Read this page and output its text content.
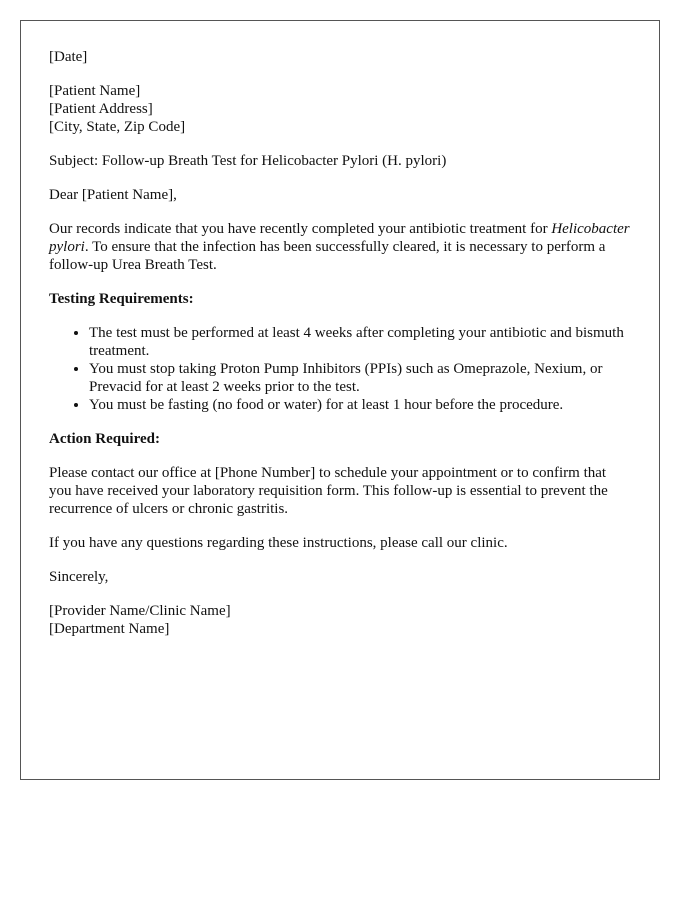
[Date]

[Patient Name]

[Patient Address]

[City, State, Zip Code]

Subject: Follow-up Breath Test for Helicobacter Pylori (H. pylori)

Dear [Patient Name],

Our records indicate that you have recently completed your antibiotic treatment for Helicobacter pylori. To ensure that the infection has been successfully cleared, it is necessary to perform a follow-up Urea Breath Test.

Testing Requirements:

• The test must be performed at least 4 weeks after completing your antibiotic and bismuth treatment.
• You must stop taking Proton Pump Inhibitors (PPIs) such as Omeprazole, Nexium, or Prevacid for at least 2 weeks prior to the test.
• You must be fasting (no food or water) for at least 1 hour before the procedure.

Action Required:

Please contact our office at [Phone Number] to schedule your appointment or to confirm that you have received your laboratory requisition form. This follow-up is essential to prevent the recurrence of ulcers or chronic gastritis.

If you have any questions regarding these instructions, please call our clinic.

Sincerely,

[Provider Name/Clinic Name]

[Department Name]
